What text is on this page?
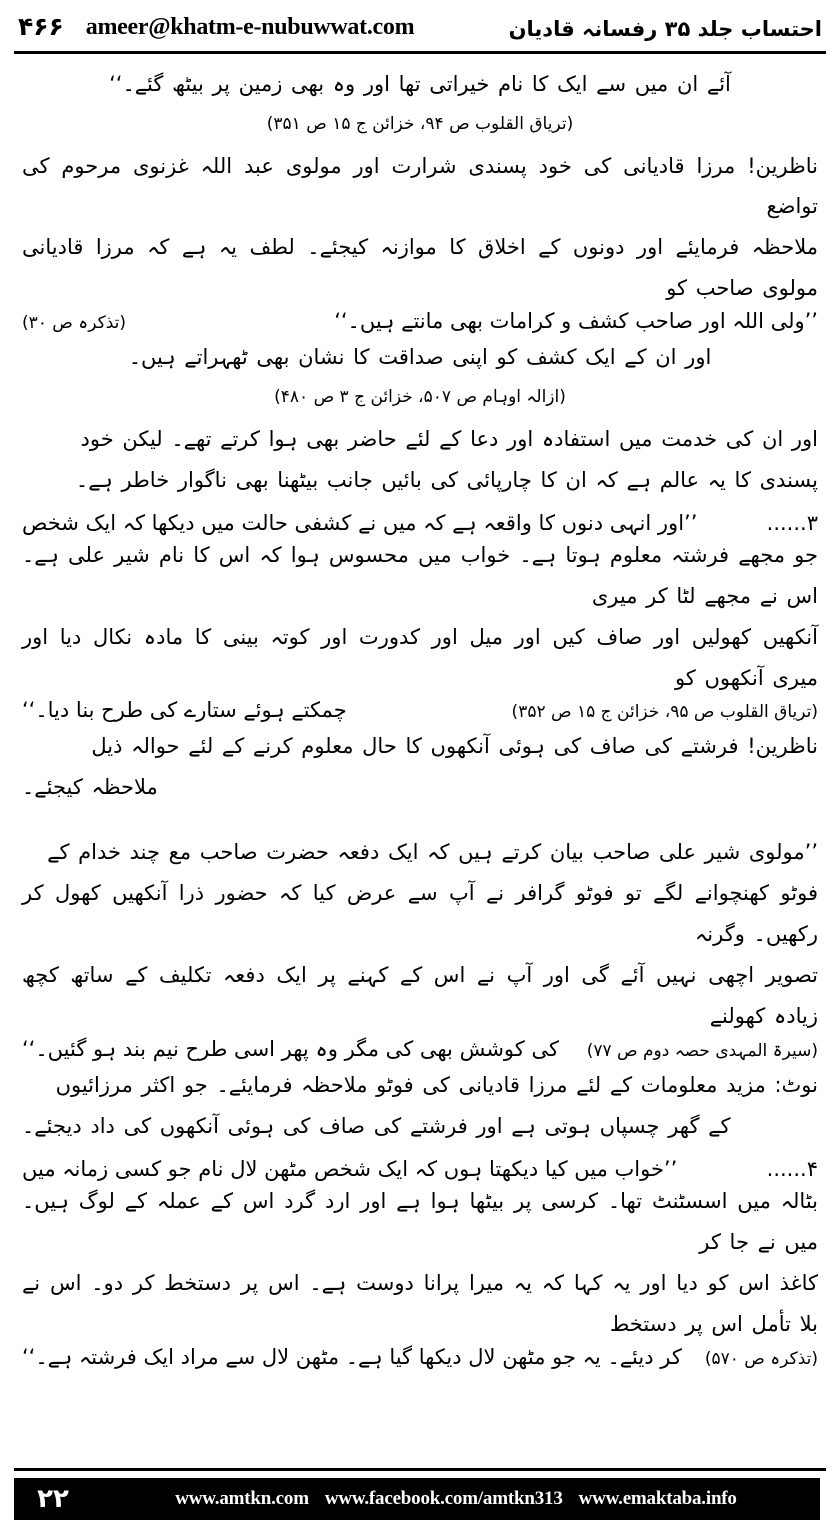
احتساب جلد ۳۵ رفسانہ قادیان
۴۶۶ ameer@khatm-e-nubuwwat.com
آئے ان میں سے ایک کا نام خیراتی تھا اور وہ بھی زمین پر بیٹھ گئے۔‘‘
(تریاق القلوب ص ۹۴، خزائن ج ۱۵ ص ۳۵۱)
ناظرین! مرزا قادیانی کی خود پسندی شرارت اور مولوی عبد اللہ غزنوی مرحوم کی تواضع
ملاحظہ فرمایئے اور دونوں کے اخلاق کا موازنہ کیجئے۔ لطف یہ ہے کہ مرزا قادیانی مولوی صاحب کو
’’ولی اللہ اور صاحب کشف و کرامات بھی مانتے ہیں۔‘‘
(تذکرہ ص ۳۰)
اور ان کے ایک کشف کو اپنی صداقت کا نشان بھی ٹھہراتے ہیں۔
(ازالہ اوہام ص ۵۰۷، خزائن ج ۳ ص ۴۸۰)
اور ان کی خدمت میں استفادہ اور دعا کے لئے حاضر بھی ہوا کرتے تھے۔ لیکن خود
پسندی کا یہ عالم ہے کہ ان کا چارپائی کی بائیں جانب بیٹھنا بھی ناگوار خاطر ہے۔
۳......
’’اور انہی دنوں کا واقعہ ہے کہ میں نے کشفی حالت میں دیکھا کہ ایک شخص
جو مجھے فرشتہ معلوم ہوتا ہے۔ خواب میں محسوس ہوا کہ اس کا نام شیر علی ہے۔ اس نے مجھے لٹا کر میری
آنکھیں کھولیں اور صاف کیں اور میل اور کدورت اور کوتہ بینی کا مادہ نکال دیا اور میری آنکھوں کو
(تریاق القلوب ص ۹۵، خزائن ج ۱۵ ص ۳۵۲)
چمکتے ہوئے ستارے کی طرح بنا دیا۔‘‘
ناظرین! فرشتے کی صاف کی ہوئی آنکھوں کا حال معلوم کرنے کے لئے حوالہ ذیل
ملاحظہ کیجئے۔
’’مولوی شیر علی صاحب بیان کرتے ہیں کہ ایک دفعہ حضرت صاحب مع چند خدام کے
فوٹو کھنچوانے لگے تو فوٹو گرافر نے آپ سے عرض کیا کہ حضور ذرا آنکھیں کھول کر رکھیں۔ وگرنہ
تصویر اچھی نہیں آئے گی اور آپ نے اس کے کہنے پر ایک دفعہ تکلیف کے ساتھ کچھ زیادہ کھولنے
(سیرۃ المہدی حصہ دوم ص ۷۷)
کی کوشش بھی کی مگر وہ پھر اسی طرح نیم بند ہو گئیں۔‘‘
نوٹ: مزید معلومات کے لئے مرزا قادیانی کی فوٹو ملاحظہ فرمایئے۔ جو اکثر مرزائیوں
کے گھر چسپاں ہوتی ہے اور فرشتے کی صاف کی ہوئی آنکھوں کی داد دیجئے۔
۴......
’’خواب میں کیا دیکھتا ہوں کہ ایک شخص مٹھن لال نام جو کسی زمانہ میں
بٹالہ میں اسسٹنٹ تھا۔ کرسی پر بیٹھا ہوا ہے اور ارد گرد اس کے عملہ کے لوگ ہیں۔ میں نے جا کر
کاغذ اس کو دیا اور یہ کہا کہ یہ میرا پرانا دوست ہے۔ اس پر دستخط کر دو۔ اس نے بلا تأمل اس پر دستخط
(تذکرہ ص ۵۷۰)
کر دیئے۔ یہ جو مٹھن لال دیکھا گیا ہے۔ مٹھن لال سے مراد ایک فرشتہ ہے۔‘‘
۲۲	www.amtkn.com www.facebook.com/amtkn313 www.emaktaba.info
